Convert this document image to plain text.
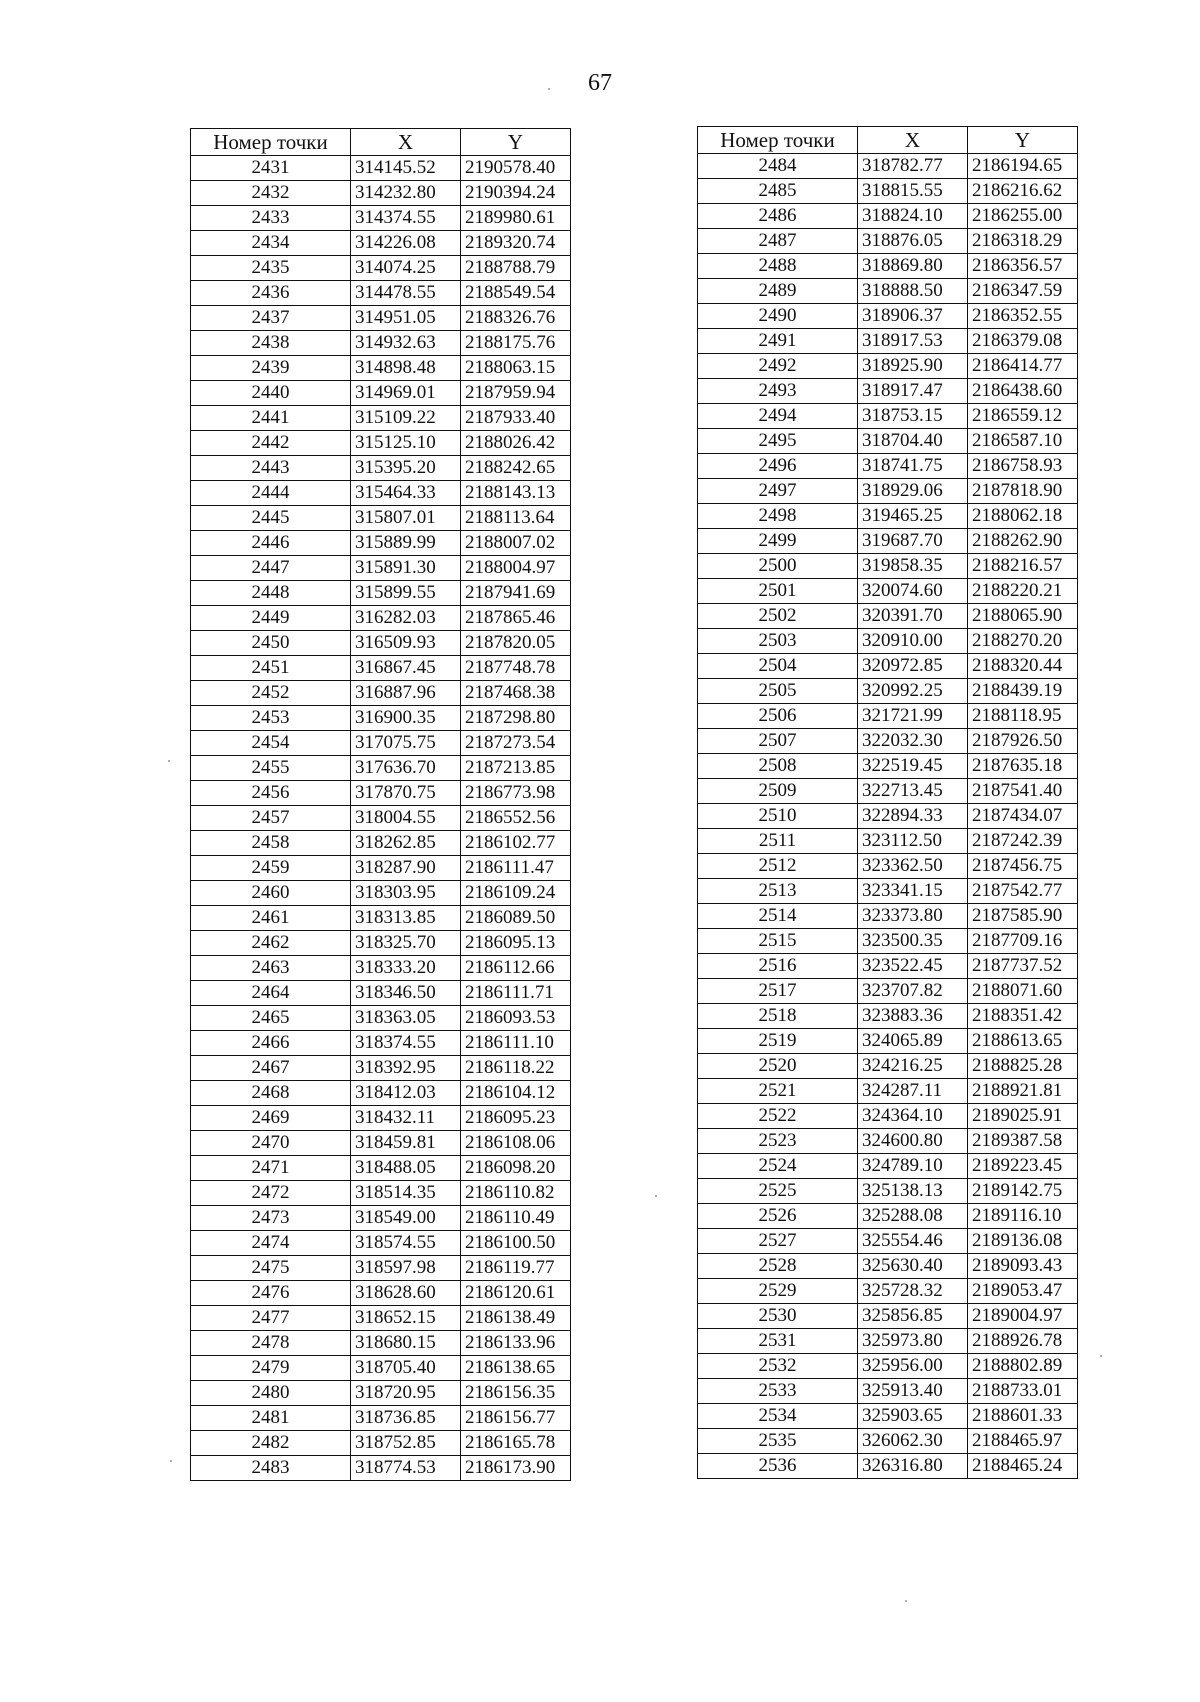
67
Номер точки	X	Y
2431	314145.52	2190578.40
2432	314232.80	2190394.24
2433	314374.55	2189980.61
2434	314226.08	2189320.74
2435	314074.25	2188788.79
2436	314478.55	2188549.54
2437	314951.05	2188326.76
2438	314932.63	2188175.76
2439	314898.48	2188063.15
2440	314969.01	2187959.94
2441	315109.22	2187933.40
2442	315125.10	2188026.42
2443	315395.20	2188242.65
2444	315464.33	2188143.13
2445	315807.01	2188113.64
2446	315889.99	2188007.02
2447	315891.30	2188004.97
2448	315899.55	2187941.69
2449	316282.03	2187865.46
2450	316509.93	2187820.05
2451	316867.45	2187748.78
2452	316887.96	2187468.38
2453	316900.35	2187298.80
2454	317075.75	2187273.54
2455	317636.70	2187213.85
2456	317870.75	2186773.98
2457	318004.55	2186552.56
2458	318262.85	2186102.77
2459	318287.90	2186111.47
2460	318303.95	2186109.24
2461	318313.85	2186089.50
2462	318325.70	2186095.13
2463	318333.20	2186112.66
2464	318346.50	2186111.71
2465	318363.05	2186093.53
2466	318374.55	2186111.10
2467	318392.95	2186118.22
2468	318412.03	2186104.12
2469	318432.11	2186095.23
2470	318459.81	2186108.06
2471	318488.05	2186098.20
2472	318514.35	2186110.82
2473	318549.00	2186110.49
2474	318574.55	2186100.50
2475	318597.98	2186119.77
2476	318628.60	2186120.61
2477	318652.15	2186138.49
2478	318680.15	2186133.96
2479	318705.40	2186138.65
2480	318720.95	2186156.35
2481	318736.85	2186156.77
2482	318752.85	2186165.78
2483	318774.53	2186173.90
Номер точки	X	Y
2484	318782.77	2186194.65
2485	318815.55	2186216.62
2486	318824.10	2186255.00
2487	318876.05	2186318.29
2488	318869.80	2186356.57
2489	318888.50	2186347.59
2490	318906.37	2186352.55
2491	318917.53	2186379.08
2492	318925.90	2186414.77
2493	318917.47	2186438.60
2494	318753.15	2186559.12
2495	318704.40	2186587.10
2496	318741.75	2186758.93
2497	318929.06	2187818.90
2498	319465.25	2188062.18
2499	319687.70	2188262.90
2500	319858.35	2188216.57
2501	320074.60	2188220.21
2502	320391.70	2188065.90
2503	320910.00	2188270.20
2504	320972.85	2188320.44
2505	320992.25	2188439.19
2506	321721.99	2188118.95
2507	322032.30	2187926.50
2508	322519.45	2187635.18
2509	322713.45	2187541.40
2510	322894.33	2187434.07
2511	323112.50	2187242.39
2512	323362.50	2187456.75
2513	323341.15	2187542.77
2514	323373.80	2187585.90
2515	323500.35	2187709.16
2516	323522.45	2187737.52
2517	323707.82	2188071.60
2518	323883.36	2188351.42
2519	324065.89	2188613.65
2520	324216.25	2188825.28
2521	324287.11	2188921.81
2522	324364.10	2189025.91
2523	324600.80	2189387.58
2524	324789.10	2189223.45
2525	325138.13	2189142.75
2526	325288.08	2189116.10
2527	325554.46	2189136.08
2528	325630.40	2189093.43
2529	325728.32	2189053.47
2530	325856.85	2189004.97
2531	325973.80	2188926.78
2532	325956.00	2188802.89
2533	325913.40	2188733.01
2534	325903.65	2188601.33
2535	326062.30	2188465.97
2536	326316.80	2188465.24
